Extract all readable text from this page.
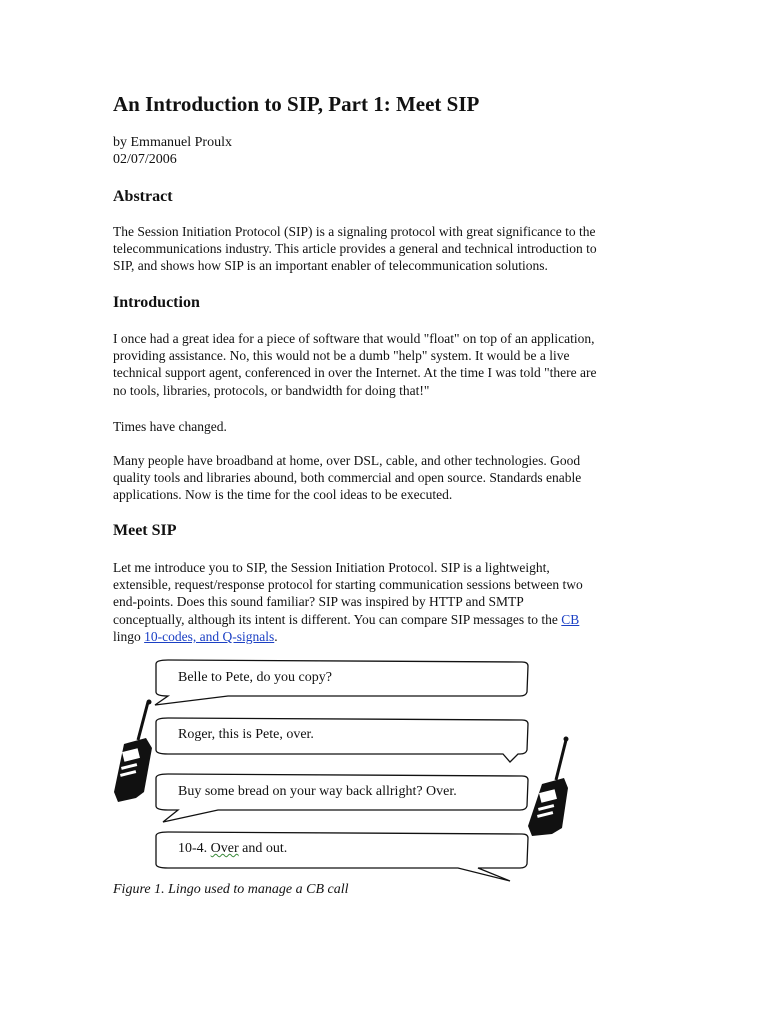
An Introduction to SIP, Part 1: Meet SIP
by Emmanuel Proulx
02/07/2006
Abstract

The Session Initiation Protocol (SIP) is a signaling protocol with great significance to the
telecommunications industry. This article provides a general and technical introduction to
SIP, and shows how SIP is an important enabler of telecommunication solutions.

Introduction

I once had a great idea for a piece of software that would "float" on top of an application,
providing assistance. No, this would not be a dumb "help" system. It would be a live
technical support agent, conferenced in over the Internet. At the time I was told "there are
no tools, libraries, protocols, or bandwidth for doing that!"

Times have changed.

Many people have broadband at home, over DSL, cable, and other technologies. Good
quality tools and libraries abound, both commercial and open source. Standards enable
applications. Now is the time for the cool ideas to be executed.

Meet SIP

Let me introduce you to SIP, the Session Initiation Protocol. SIP is a lightweight,
extensible, request/response protocol for starting communication sessions between two
end-points. Does this sound familiar? SIP was inspired by HTTP and SMTP
conceptually, although its intent is different. You can compare SIP messages to the CB
lingo 10-codes, and Q-signals.

Belle to Pete, do you copy?
Roger, this is Pete, over.
Buy some bread on your way back allright? Over.
10-4. Over and out.
Figure 1. Lingo used to manage a CB call
